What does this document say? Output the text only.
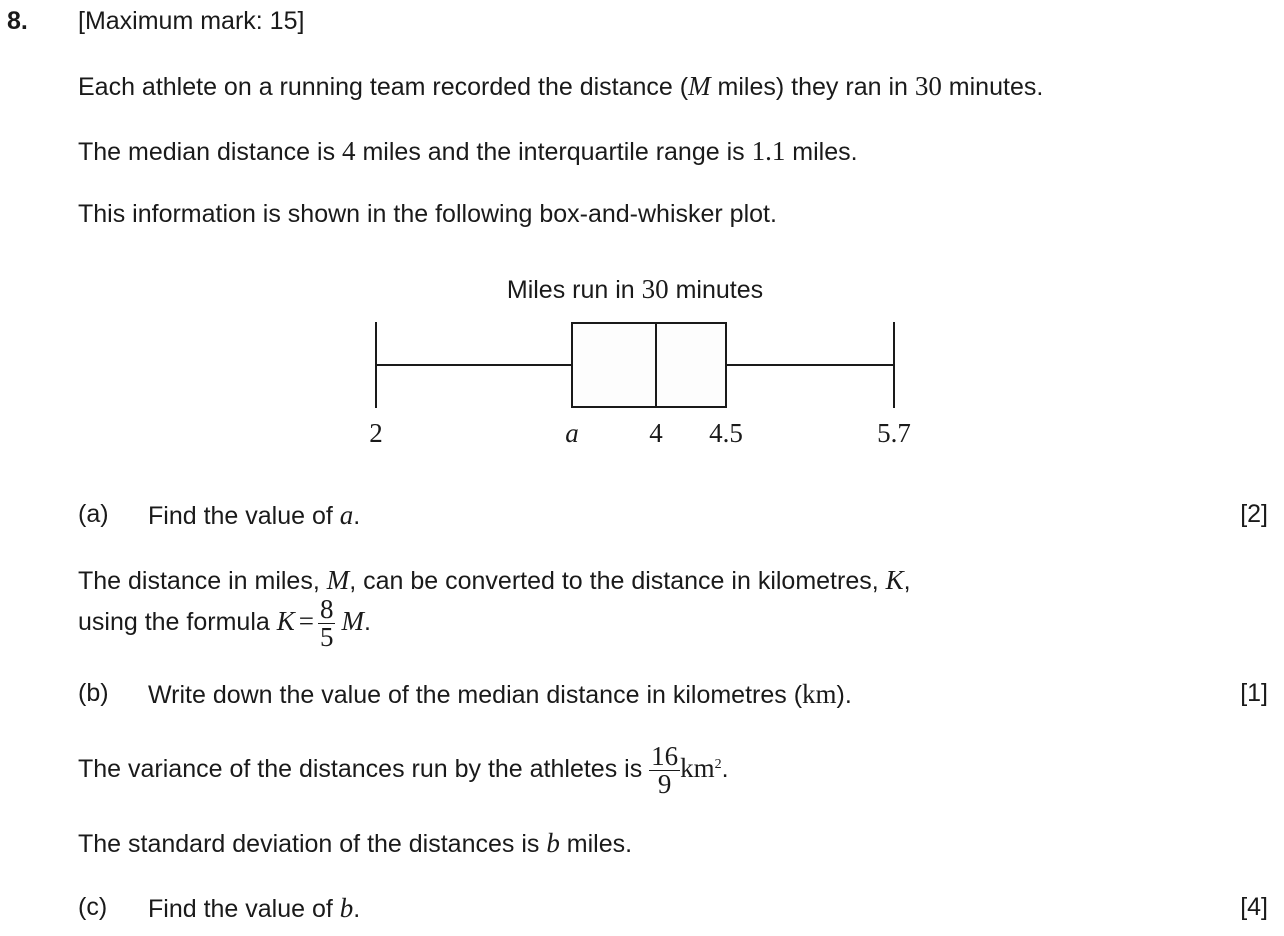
8. [Maximum mark: 15]
Each athlete on a running team recorded the distance (M miles) they ran in 30 minutes.
The median distance is 4 miles and the interquartile range is 1.1 miles.
This information is shown in the following box-and-whisker plot.
Miles run in 30 minutes
2	a	4 4.5	5.7
(a) Find the value of a.	[2]
The distance in miles, M, can be converted to the distance in kilometres, K,
using the formula $K = \frac{8}{5} M$.
(b) Write down the value of the median distance in kilometres (km).	[1]
The variance of the distances run by the athletes is $\frac{16}{9} km^2$.
The standard deviation of the distances is b miles.
(c) Find the value of b.	[4]
